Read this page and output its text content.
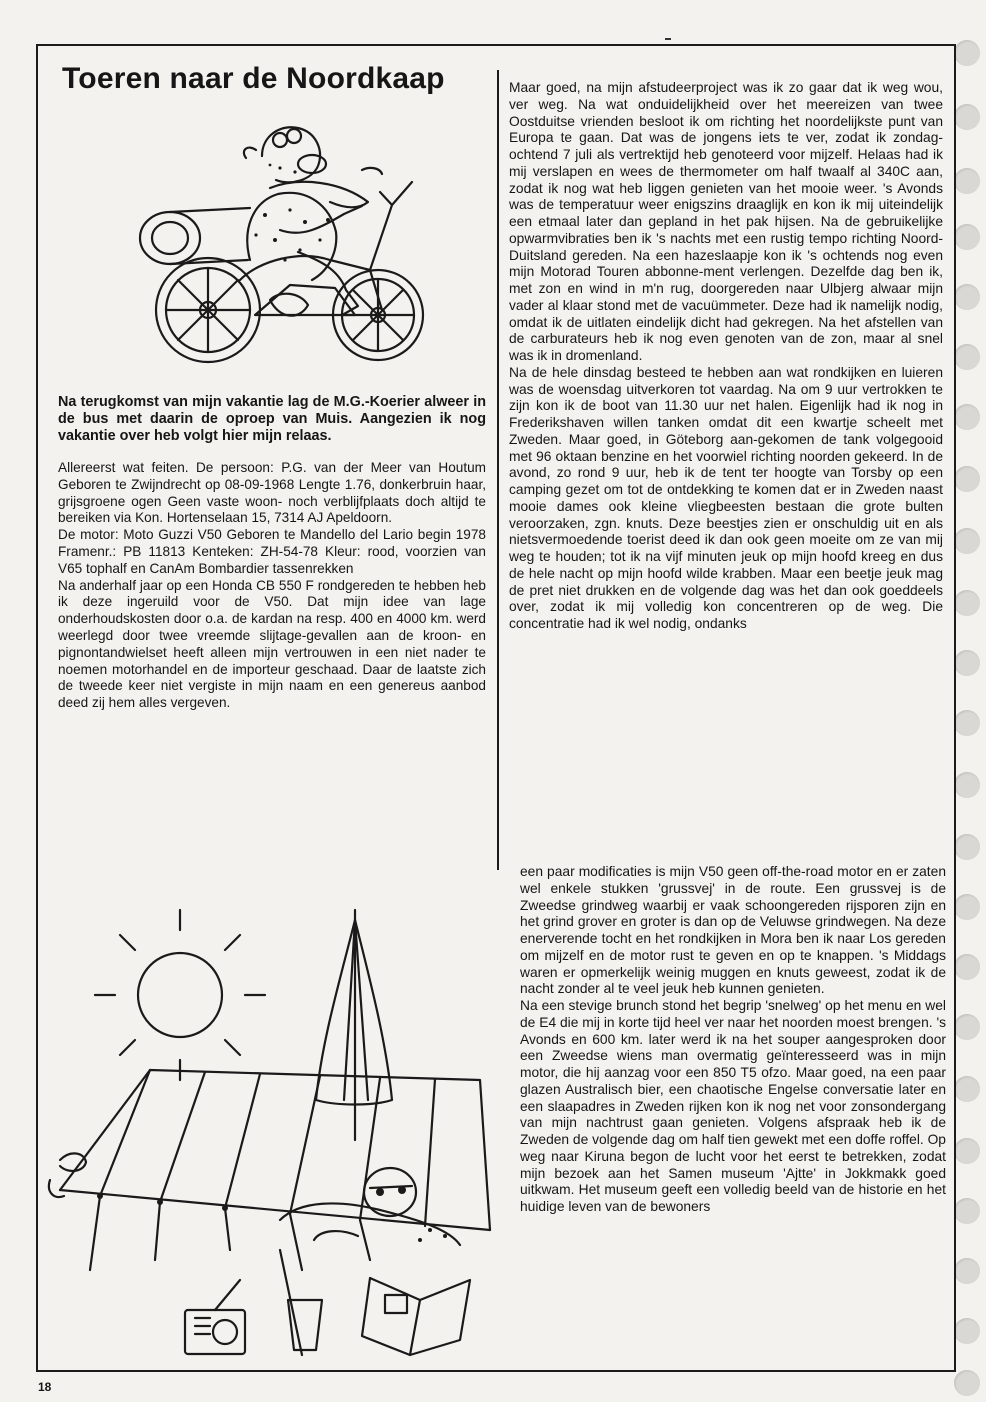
Toeren naar de Noordkaap

Na terugkomst van mijn vakantie lag de M.G.-Koerier alweer in de bus met daarin de oproep van Muis. Aangezien ik nog vakantie over heb volgt hier mijn relaas.

Allereerst wat feiten. De persoon: P.G. van der Meer van Houtum Geboren te Zwijndrecht op 08-09-1968 Lengte 1.76, donkerbruin haar, grijsgroene ogen Geen vaste woon- noch verblijfplaats doch altijd te bereiken via Kon. Hortenselaan 15, 7314 AJ Apeldoorn.

De motor: Moto Guzzi V50 Geboren te Mandello del Lario begin 1978 Framenr.: PB 11813 Kenteken: ZH-54-78 Kleur: rood, voorzien van V65 tophalf en CanAm Bombardier tassenrekken

Na anderhalf jaar op een Honda CB 550 F rondgereden te hebben heb ik deze ingeruild voor de V50. Dat mijn idee van lage onderhoudskosten door o.a. de kardan na resp. 400 en 4000 km. werd weerlegd door twee vreemde slijtage-gevallen aan de kroon- en pignontandwielset heeft alleen mijn vertrouwen in een niet nader te noemen motorhandel en de importeur geschaad. Daar de laatste zich de tweede keer niet vergiste in mijn naam en een genereus aanbod deed zij hem alles vergeven.

Maar goed, na mijn afstudeerproject was ik zo gaar dat ik weg wou, ver weg. Na wat onduidelijkheid over het meereizen van twee Oostduitse vrienden besloot ik om richting het noordelijkste punt van Europa te gaan. Dat was de jongens iets te ver, zodat ik zondag-ochtend 7 juli als vertrektijd heb genoteerd voor mijzelf. Helaas had ik mij verslapen en wees de thermometer om half twaalf al 340C aan, zodat ik nog wat heb liggen genieten van het mooie weer. 's Avonds was de temperatuur weer enigszins draaglijk en kon ik mij uiteindelijk een etmaal later dan gepland in het pak hijsen. Na de gebruikelijke opwarmvibraties ben ik 's nachts met een rustig tempo richting Noord-Duitsland gereden. Na een hazeslaapje kon ik 's ochtends nog even mijn Motorad Touren abbonne-ment verlengen. Dezelfde dag ben ik, met zon en wind in m'n rug, doorgereden naar Ulbjerg alwaar mijn vader al klaar stond met de vacuümmeter. Deze had ik namelijk nodig, omdat ik de uitlaten eindelijk dicht had gekregen. Na het afstellen van de carburateurs heb ik nog even genoten van de zon, maar al snel was ik in dromenland.

Na de hele dinsdag besteed te hebben aan wat rondkijken en luieren was de woensdag uitverkoren tot vaardag. Na om 9 uur vertrokken te zijn kon ik de boot van 11.30 uur net halen. Eigenlijk had ik nog in Frederikshaven willen tanken omdat dit een kwartje scheelt met Zweden. Maar goed, in Göteborg aan-gekomen de tank volgegooid met 96 oktaan benzine en het voorwiel richting noorden gekeerd. In de avond, zo rond 9 uur, heb ik de tent ter hoogte van Torsby op een camping gezet om tot de ontdekking te komen dat er in Zweden naast mooie dames ook kleine vliegbeesten bestaan die grote bulten veroorzaken, zgn. knuts. Deze beestjes zien er onschuldig uit en als nietsvermoedende toerist deed ik dan ook geen moeite om ze van mij weg te houden; tot ik na vijf minuten jeuk op mijn hoofd kreeg en dus de hele nacht op mijn hoofd wilde krabben. Maar een beetje jeuk mag de pret niet drukken en de volgende dag was het dan ook goeddeels over, zodat ik mij volledig kon concentreren op de weg. Die concentratie had ik wel nodig, ondanks

een paar modificaties is mijn V50 geen off-the-road motor en er zaten wel enkele stukken 'grussvej' in de route. Een grussvej is de Zweedse grindweg waarbij er vaak schoongereden rijsporen zijn en het grind grover en groter is dan op de Veluwse grindwegen. Na deze enerverende tocht en het rondkijken in Mora ben ik naar Los gereden om mijzelf en de motor rust te geven en op te knappen. 's Middags waren er opmerkelijk weinig muggen en knuts geweest, zodat ik de nacht zonder al te veel jeuk heb kunnen genieten.

Na een stevige brunch stond het begrip 'snelweg' op het menu en wel de E4 die mij in korte tijd heel ver naar het noorden moest brengen. 's Avonds en 600 km. later werd ik na het souper aangesproken door een Zweedse wiens man overmatig geïnteresseerd was in mijn motor, die hij aanzag voor een 850 T5 ofzo. Maar goed, na een paar glazen Australisch bier, een chaotische Engelse conversatie later en een slaapadres in Zweden rijken kon ik nog net voor zonsondergang van mijn nachtrust gaan genieten. Volgens afspraak heb ik de Zweden de volgende dag om half tien gewekt met een doffe roffel. Op weg naar Kiruna begon de lucht voor het eerst te betrekken, zodat mijn bezoek aan het Samen museum 'Ajtte' in Jokkmakk goed uitkwam. Het museum geeft een volledig beeld van de historie en het huidige leven van de bewoners

18
